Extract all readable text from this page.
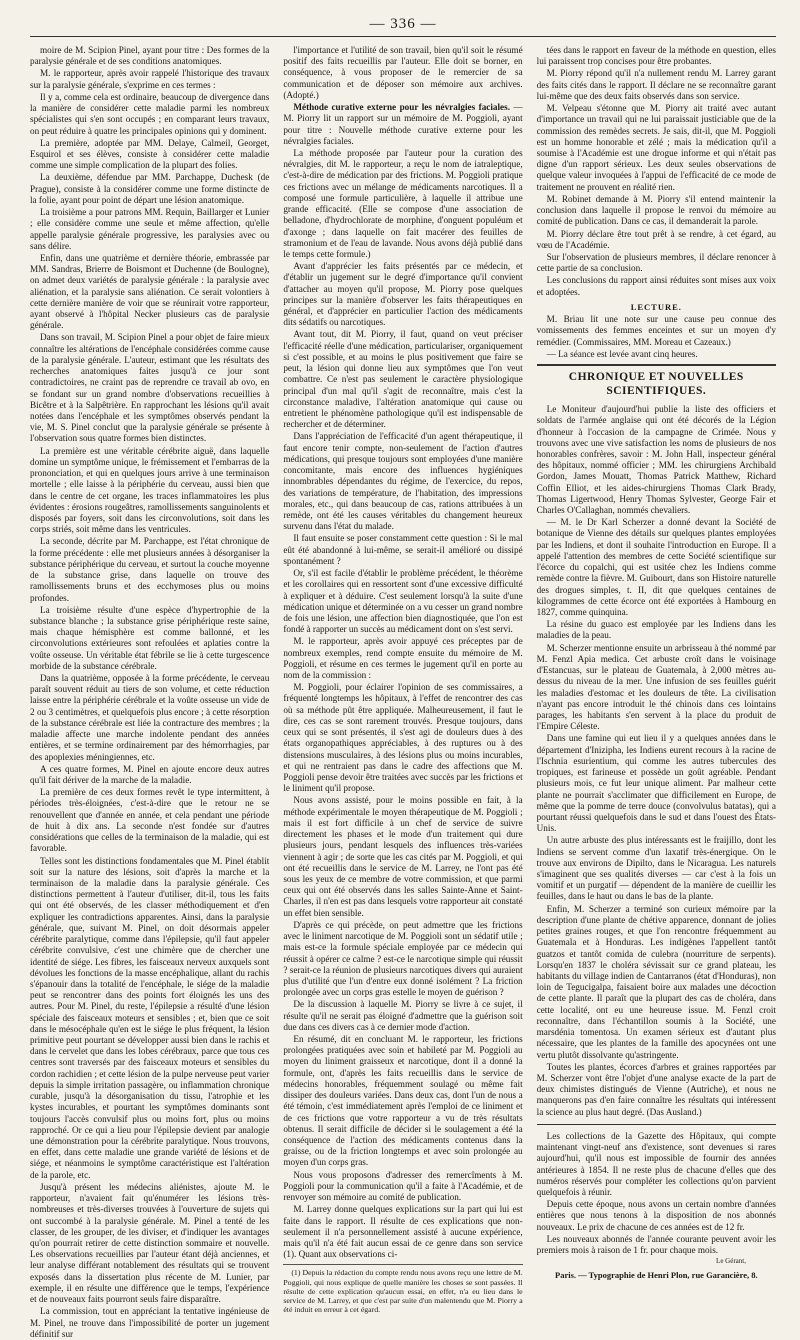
— 336 —

moire de M. Scipion Pinel, ayant pour titre : Des formes de la paralysie générale et de ses conditions anatomiques.

M. le rapporteur, après avoir rappelé l'historique des travaux sur la paralysie générale, s'exprime en ces termes :

Il y a, comme cela est ordinaire, beaucoup de divergence dans la manière de considérer cette maladie parmi les nombreux spécialistes qui s'en sont occupés ; en comparant leurs travaux, on peut réduire à quatre les principales opinions qui y dominent.

La première, adoptée par MM. Delaye, Calmeil, Georget, Esquirol et ses élèves, consiste à considérer cette maladie comme une simple complication de la plupart des folies.

La deuxième, défendue par MM. Parchappe, Duchesk (de Prague), consiste à la considérer comme une forme distincte de la folie, ayant pour point de départ une lésion anatomique.

La troisième a pour patrons MM. Requin, Baillarger et Lunier ; elle considère comme une seule et même affection, qu'elle appelle paralysie générale progressive, les paralysies avec ou sans délire.

Enfin, dans une quatrième et dernière théorie, embrassée par MM. Sandras, Brierre de Boismont et Duchenne (de Boulogne), on admet deux variétés de paralysie générale : la paralysie avec aliénation, et la paralysie sans aliénation. Ce serait volontiers à cette dernière manière de voir que se réunirait votre rapporteur, ayant observé à l'hôpital Necker plusieurs cas de paralysie générale.

Dans son travail, M. Scipion Pinel a pour objet de faire mieux connaître les altérations de l'encéphale considérées comme cause de la paralysie générale. L'auteur, estimant que les résultats des recherches anatomiques faites jusqu'à ce jour sont contradictoires, ne craint pas de reprendre ce travail ab ovo, en se fondant sur un grand nombre d'observations recueillies à Bicêtre et à la Salpêtrière. En rapprochant les lésions qu'il avait notées dans l'encéphale et les symptômes observés pendant la vie, M. S. Pinel conclut que la paralysie générale se présente à l'observation sous quatre formes bien distinctes.

La première est une véritable cérébrite aiguë, dans laquelle domine un symptôme unique, le frémissement et l'embarras de la prononciation, et qui en quelques jours arrive à une terminaison mortelle ; elle laisse à la périphérie du cerveau, aussi bien que dans le centre de cet organe, les traces inflammatoires les plus évidentes : érosions rougeâtres, ramollissements sanguinolents et disposés par foyers, soit dans les circonvolutions, soit dans les corps striés, soit même dans les ventricules.

La seconde, décrite par M. Parchappe, est l'état chronique de la forme précédente : elle met plusieurs années à désorganiser la substance périphérique du cerveau, et surtout la couche moyenne de la substance grise, dans laquelle on trouve des ramollissements bruns et des ecchymoses plus ou moins profondes.

La troisième résulte d'une espèce d'hypertrophie de la substance blanche ; la substance grise périphérique reste saine, mais chaque hémisphère est comme ballonné, et les circonvolutions extérieures sont refoulées et aplaties contre la voûte osseuse. Un véritable état fébrile se lie à cette turgescence morbide de la substance cérébrale.

Dans la quatrième, opposée à la forme précédente, le cerveau paraît souvent réduit au tiers de son volume, et cette réduction laisse entre la périphérie cérébrale et la voûte osseuse un vide de 2 ou 3 centimètres, et quelquefois plus encore ; à cette résorption de la substance cérébrale est liée la contracture des membres ; la maladie affecte une marche indolente pendant des années entières, et se termine ordinairement par des hémorrhagies, par des apoplexies méningiennes, etc.

A ces quatre formes, M. Pinel en ajoute encore deux autres qu'il fait dériver de la marche de la maladie.

La première de ces deux formes revêt le type intermittent, à périodes très-éloignées, c'est-à-dire que le retour ne se renouvellent que d'année en année, et cela pendant une période de huit à dix ans. La seconde n'est fondée sur d'autres considérations que celles de la terminaison de la maladie, qui est favorable.

Telles sont les distinctions fondamentales que M. Pinel établit soit sur la nature des lésions, soit d'après la marche et la terminaison de la maladie dans la paralysie générale. Ces distinctions permettent à l'auteur d'utiliser, dit-il, tous les faits qui ont été observés, de les classer méthodiquement et d'en expliquer les contradictions apparentes. Ainsi, dans la paralysie générale, que, suivant M. Pinel, on doit désormais appeler cérébrite paralytique, comme dans l'épilepsie, qu'il faut appeler cérébrite convulsive, c'est une chimère que de chercher une identité de siége. Les fibres, les faisceaux nerveux auxquels sont dévolues les fonctions de la masse encéphalique, allant du rachis s'épanouir dans la totalité de l'encéphale, le siége de la maladie peut se rencontrer dans des points fort éloignés les uns des autres. Pour M. Pinel, du reste, l'épilepsie a résulté d'une lésion spéciale des faisceaux moteurs et sensibles ; et, bien que ce soit dans le mésocéphale qu'en est le siége le plus fréquent, la lésion primitive peut pourtant se développer aussi bien dans le rachis et dans le cervelet que dans les lobes cérébraux, parce que tous ces centres sont traversés par des faisceaux moteurs et sensibles du cordon rachidien ; et cette lésion de la pulpe nerveuse peut varier depuis la simple irritation passagère, ou inflammation chronique curable, jusqu'à la désorganisation du tissu, l'atrophie et les kystes incurables, et pourtant les symptômes dominants sont toujours l'accès convulsif plus ou moins fort, plus ou moins rapproché. Or ce qui a lieu pour l'épilepsie devient par analogie une démonstration pour la cérébrite paralytique. Nous trouvons, en effet, dans cette maladie une grande variété de lésions et de siége, et néanmoins le symptôme caractéristique est l'altération de la parole, etc.

Jusqu'à présent les médecins aliénistes, ajoute M. le rapporteur, n'avaient fait qu'énumérer les lésions très-nombreuses et très-diverses trouvées à l'ouverture de sujets qui ont succombé à la paralysie générale. M. Pinel a tenté de les classer, de les grouper, de les diviser, et d'indiquer les avantages qu'on pourrait retirer de cette distinction sommaire et nouvelle. Les observations recueillies par l'auteur étant déjà anciennes, et leur analyse différant notablement des résultats qui se trouvent exposés dans la dissertation plus récente de M. Lunier, par exemple, il en résulte une différence que le temps, l'expérience et de nouveaux faits pourront seuls faire disparaître.

La commission, tout en appréciant la tentative ingénieuse de M. Pinel, ne trouve dans l'impossibilité de porter un jugement définitif sur

l'importance et l'utilité de son travail, bien qu'il soit le résumé positif des faits recueillis par l'auteur. Elle doit se borner, en conséquence, à vous proposer de le remercier de sa communication et de déposer son mémoire aux archives. (Adopté.)

Méthode curative externe pour les névralgies faciales. —M. Piorry lit un rapport sur un mémoire de M. Poggioli, ayant pour titre : Nouvelle méthode curative externe pour les névralgies faciales.

La méthode proposée par l'auteur pour la curation des névralgies, dit M. le rapporteur, a reçu le nom de iatraleptique, c'est-à-dire de médication par des frictions. M. Poggioli pratique ces frictions avec un mélange de médicaments narcotiques. Il a composé une formule particulière, à laquelle il attribue une grande efficacité. (Elle se compose d'une association de belladone, d'hydrochlorate de morphine, d'onguent populéum et d'axonge ; dans laquelle on fait macérer des feuilles de stramonium et de l'eau de lavande. Nous avons déjà publié dans le temps cette formule.)

Avant d'apprécier les faits présentés par ce médecin, et d'établir un jugement sur le degré d'importance qu'il convient d'attacher au moyen qu'il propose, M. Piorry pose quelques principes sur la manière d'observer les faits thérapeutiques en général, et d'apprécier en particulier l'action des médicaments dits sédatifs ou narcotiques.

Avant tout, dit M. Piorry, il faut, quand on veut préciser l'efficacité réelle d'une médication, particulariser, organiquement si c'est possible, et au moins le plus positivement que faire se peut, la lésion qui donne lieu aux symptômes que l'on veut combattre. Ce n'est pas seulement le caractère physiologique principal d'un mal qu'il s'agit de reconnaître, mais c'est la circonstance maladive, l'altération anatomique qui cause ou entretient le phénomène pathologique qu'il est indispensable de rechercher et de déterminer.

Dans l'appréciation de l'efficacité d'un agent thérapeutique, il faut encore tenir compte, non-seulement de l'action d'autres médications, qui presque toujours sont employées d'une manière concomitante, mais encore des influences hygiéniques innombrables dépendantes du régime, de l'exercice, du repos, des variations de température, de l'habitation, des impressions morales, etc., qui dans beaucoup de cas, rations attribuées à un remède, ont été les causes véritables du changement heureux survenu dans l'état du malade.

Il faut ensuite se poser constamment cette question : Si le mal eût été abandonné à lui-même, se serait-il amélioré ou dissipé spontanément ?

Or, s'il est facile d'établir le problème précédent, le théorème et les corollaires qui en ressortent sont d'une excessive difficulté à expliquer et à déduire. C'est seulement lorsqu'à la suite d'une médication unique et déterminée on a vu cesser un grand nombre de fois une lésion, une affection bien diagnostiquée, que l'on est fondé à rapporter un succès au médicament dont on s'est servi.

M. le rapporteur, après avoir appuyé ces préceptes par de nombreux exemples, rend compte ensuite du mémoire de M. Poggioli, et résume en ces termes le jugement qu'il en porte au nom de la commission :

M. Poggioli, pour éclairer l'opinion de ses commissaires, a fréquenté longtemps les hôpitaux, à l'effet de rencontrer des cas où sa méthode pût être appliquée. Malheureusement, il faut le dire, ces cas se sont rarement trouvés. Presque toujours, dans ceux qui se sont présentés, il s'est agi de douleurs dues à des états organopathiques appréciables, à des ruptures ou à des distensions musculaires, à des lésions plus ou moins incurables, et qui ne rentraient pas dans le cadre des affections que M. Poggioli pense devoir être traitées avec succès par les frictions et le liniment qu'il propose.

Nous avons assisté, pour le moins possible en fait, à la méthode expérimentale le moyen thérapeutique de M. Poggioli ; mais il est fort difficile à un chef de service de suivre directement les phases et le mode d'un traitement qui dure plusieurs jours, pendant lesquels des influences très-variées viennent à agir ; de sorte que les cas cités par M. Poggioli, et qui ont été recueillis dans le service de M. Larrey, ne l'ont pas été sous les yeux de ce membre de votre commission, et que parmi ceux qui ont été observés dans les salles Sainte-Anne et Saint-Charles, il n'en est pas dans lesquels votre rapporteur ait constaté un effet bien sensible.

D'après ce qui précède, on peut admettre que les frictions avec le liniment narcotique de M. Poggioli sont un sédatif utile ; mais est-ce la formule spéciale employée par ce médecin qui réussit à opérer ce calme ? est-ce le narcotique simple qui réussit ? serait-ce la réunion de plusieurs narcotiques divers qui auraient plus d'utilité que l'un d'entre eux donné isolément ? La friction prolongée avec un corps gras estelle le moyen de guérison ?

De la discussion à laquelle M. Piorry se livre à ce sujet, il résulte qu'il ne serait pas éloigné d'admettre que la guérison soit due dans ces divers cas à ce dernier mode d'action.

En résumé, dit en concluant M. le rapporteur, les frictions prolongées pratiquées avec soin et habileté par M. Poggioli au moyen du liniment graisseux et narcotique, dont il a donné la formule, ont, d'après les faits recueillis dans le service de médecins honorables, fréquemment soulagé ou même fait dissiper des douleurs variées. Dans deux cas, dont l'un de nous a été témoin, c'est immédiatement après l'emploi de ce liniment et de ces frictions que votre rapporteur a vu de très résultats obtenus. Il serait difficile de décider si le soulagement a été la conséquence de l'action des médicaments contenus dans la graisse, ou de la friction longtemps et avec soin prolongée au moyen d'un corps gras.

Nous vous proposons d'adresser des remercîments à M. Poggioli pour la communication qu'il a faite à l'Académie, et de renvoyer son mémoire au comité de publication.

M. Larrey donne quelques explications sur la part qui lui est faite dans le rapport. Il résulte de ces explications que non-seulement il n'a personnellement assisté à aucune expérience, mais qu'il n'a été fait aucun essai de ce genre dans son service (1). Quant aux observations ci-

(1) Depuis la rédaction du compte rendu nous avons reçu une lettre de M. Poggioli, qui nous explique de quelle manière les choses se sont passées. Il résulte de cette explication qu'aucun essai, en effet, n'a eu lieu dans le service de M. Larrey, et que c'est par suite d'un malentendu que M. Piorry a été induit en erreur à cet égard.

tées dans le rapport en faveur de la méthode en question, elles lui paraissent trop concises pour être probantes.

M. Piorry répond qu'il n'a nullement rendu M. Larrey garant des faits cités dans le rapport. Il déclare ne se reconnaître garant lui-même que des deux faits observés dans son service.

M. Velpeau s'étonne que M. Piorry ait traité avec autant d'importance un travail qui ne lui paraissait justiciable que de la commission des remèdes secrets. Je sais, dit-il, que M. Poggioli est un homme honorable et zélé ; mais la médication qu'il a soumise à l'Académie est une drogue informe et qui n'était pas digne d'un rapport sérieux. Les deux seules observations de quelque valeur invoquées à l'appui de l'efficacité de ce mode de traitement ne prouvent en réalité rien.

M. Robinet demande à M. Piorry s'il entend maintenir la conclusion dans laquelle il propose le renvoi du mémoire au comité de publication. Dans ce cas, il demanderait la parole.

M. Piorry déclare être tout prêt à se rendre, à cet égard, au vœu de l'Académie.

Sur l'observation de plusieurs membres, il déclare renoncer à cette partie de sa conclusion.

Les conclusions du rapport ainsi réduites sont mises aux voix et adoptées.

LECTURE.

M. Briau lit une note sur une cause peu connue des vomissements des femmes enceintes et sur un moyen d'y remédier. (Commissaires, MM. Moreau et Cazeaux.)

— La séance est levée avant cinq heures.

CHRONIQUE ET NOUVELLES SCIENTIFIQUES.

Le Moniteur d'aujourd'hui publie la liste des officiers et soldats de l'armée anglaise qui ont été décorés de la Légion d'honneur à l'occasion de la campagne de Crimée. Nous y trouvons avec une vive satisfaction les noms de plusieurs de nos honorables confrères, savoir : M. John Hall, inspecteur général des hôpitaux, nommé officier ; MM. les chirurgiens Archibald Gordon, James Mouatt, Thomas Patrick Matthew, Richard Coffin Elliot, et les aides-chirurgiens Thomas Clark Brady, Thomas Ligertwood, Henry Thomas Sylvester, George Fair et Charles O'Callaghan, nommés chevaliers.

— M. le Dr Karl Scherzer a donné devant la Société de botanique de Vienne des détails sur quelques plantes employées par les Indiens, et dont il souhaite l'introduction en Europe. Il a appelé l'attention des membres de cette Société scientifique sur l'écorce du copalchi, qui est usitée chez les Indiens comme remède contre la fièvre. M. Guibourt, dans son Histoire naturelle des drogues simples, t. II, dit que quelques centaines de kilogrammes de cette écorce ont été exportées à Hambourg en 1827, comme quinquina.

La résine du guaco est employée par les Indiens dans les maladies de la peau.

M. Scherzer mentionne ensuite un arbrisseau à thé nommé par M. Fenzl Apia medica. Cet arbuste croît dans le voisinage d'Estancuas, sur le plateau de Guatemala, à 2,000 mètres au-dessus du niveau de la mer. Une infusion de ses feuilles guérit les maladies d'estomac et les douleurs de tête. La civilisation n'ayant pas encore introduit le thé chinois dans ces lointains parages, les habitants s'en servent à la place du produit de l'Empire Céleste.

Dans une famine qui eut lieu il y a quelques années dans le département d'Inizipha, les Indiens eurent recours à la racine de l'Ischnia esurientium, qui comme les autres tubercules des tropiques, est farineuse et possède un goût agréable. Pendant plusieurs mois, ce fut leur unique aliment. Par malheur cette plante ne pourrait s'acclimater que difficilement en Europe, de même que la pomme de terre douce (convolvulus batatas), qui a pourtant réussi quelquefois dans le sud et dans l'ouest des États-Unis.

Un autre arbuste des plus intéressants est le fraijillo, dont les Indiens se servent comme d'un laxatif très-énergique. On le trouve aux environs de Dipilto, dans le Nicaragua. Les naturels s'imaginent que ses qualités diverses — car c'est à la fois un vomitif et un purgatif — dépendent de la manière de cueillir les feuilles, dans le haut ou dans le bas de la plante.

Enfin, M. Scherzer a terminé son curieux mémoire par la description d'une plante de chétive apparence, donnant de jolies petites graines rouges, et que l'on rencontre fréquemment au Guatemala et à Honduras. Les indigènes l'appellent tantôt guatzos et tantôt comida de culebra (nourriture de serpents). Lorsqu'en 1837 le choléra sévissait sur ce grand plateau, les habitants du village indien de Cantarranos (état d'Honduras), non loin de Tegucigalpa, faisaient boire aux malades une décoction de cette plante. Il paraît que la plupart des cas de choléra, dans cette localité, ont eu une heureuse issue. M. Fenzl croit reconnaître, dans l'échantillon soumis à la Société, une marsdénia tomentosa. Un examen sérieux est d'autant plus nécessaire, que les plantes de la famille des apocynées ont une vertu plutôt dissolvante qu'astringente.

Toutes les plantes, écorces d'arbres et graines rapportées par M. Scherzer vont être l'objet d'une analyse exacte de la part de deux chimistes distingués de Vienne (Autriche), et nous ne manquerons pas d'en faire connaître les résultats qui intéressent la science au plus haut degré. (Das Ausland.)

Les collections de la Gazette des Hôpitaux, qui compte maintenant vingt-neuf ans d'existence, sont devenues si rares aujourd'hui, qu'il nous est impossible de fournir des années antérieures à 1854. Il ne reste plus de chacune d'elles que des numéros réservés pour compléter les collections qu'on parvient quelquefois à réunir.

Depuis cette époque, nous avons un certain nombre d'années entières que nous tenons à la disposition de nos abonnés nouveaux. Le prix de chacune de ces années est de 12 fr.

Les nouveaux abonnés de l'année courante peuvent avoir les premiers mois à raison de 1 fr. pour chaque mois.

Le Gérant,
Paris. — Typographie de Henri Plon, rue Garancière, 8.
